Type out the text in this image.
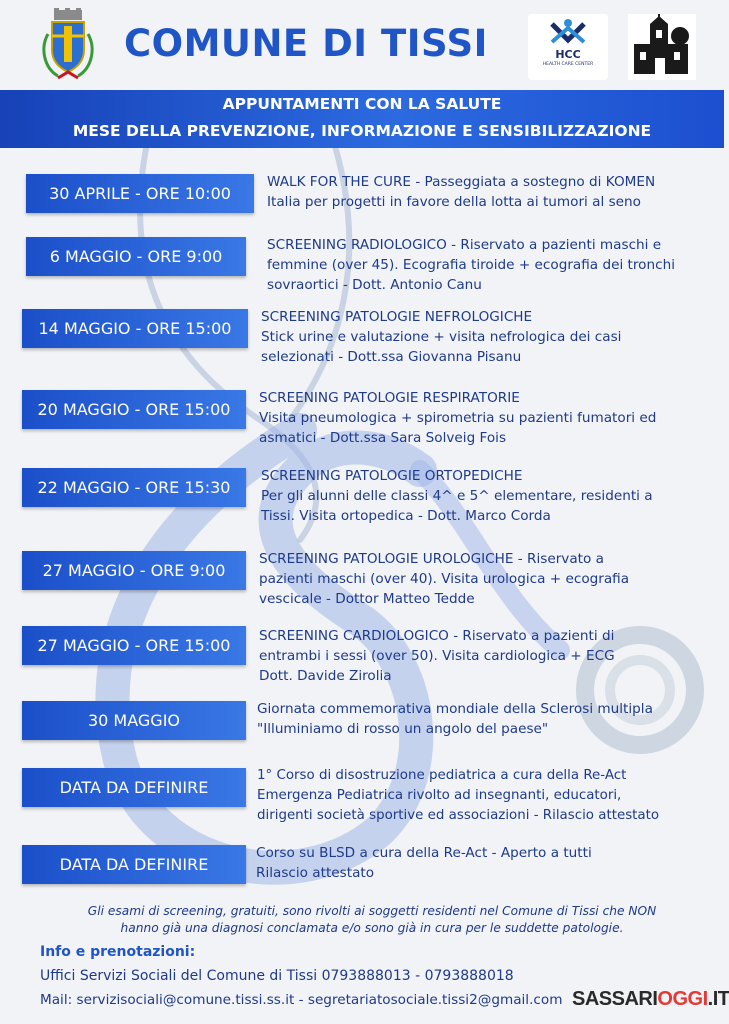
COMUNE DI TISSI	HCC
HEALTH CARE CENTER
APPUNTAMENTI CON LA SALUTE
MESE DELLA PREVENZIONE, INFORMAZIONE E SENSIBILIZZAZIONE
30 APRILE - ORE 10:00
WALK FOR THE CURE - Passeggiata a sostegno di KOMEN
Italia per progetti in favore della lotta ai tumori al seno
6 MAGGIO - ORE 9:00
SCREENING RADIOLOGICO - Riservato a pazienti maschi e
femmine (over 45). Ecografia tiroide + ecografia dei tronchi
sovraortici - Dott. Antonio Canu
14 MAGGIO - ORE 15:00
SCREENING PATOLOGIE NEFROLOGICHE
Stick urine e valutazione + visita nefrologica dei casi
selezionati - Dott.ssa Giovanna Pisanu
20 MAGGIO - ORE 15:00
SCREENING PATOLOGIE RESPIRATORIE
Visita pneumologica + spirometria su pazienti fumatori ed
asmatici - Dott.ssa Sara Solveig Fois
22 MAGGIO - ORE 15:30
SCREENING PATOLOGIE ORTOPEDICHE
Per gli alunni delle classi 4^ e 5^ elementare, residenti a
Tissi. Visita ortopedica - Dott. Marco Corda
27 MAGGIO - ORE 9:00
SCREENING PATOLOGIE UROLOGICHE - Riservato a
pazienti maschi (over 40). Visita urologica + ecografia
vescicale - Dottor Matteo Tedde
27 MAGGIO - ORE 15:00	SCREENING CARDIOLOGICO - Riservato a pazienti di
entrambi i sessi (over 50). Visita cardiologica + ECG
Dott. Davide Zirolia
30 MAGGIO
Giornata commemorativa mondiale della Sclerosi multipla
"Illuminiamo di rosso un angolo del paese"
DATA DA DEFINIRE
1° Corso di disostruzione pediatrica a cura della Re-Act
Emergenza Pediatrica rivolto ad insegnanti, educatori,
dirigenti società sportive ed associazioni - Rilascio attestato
DATA DA DEFINIRE
Corso su BLSD a cura della Re-Act - Aperto a tutti
Rilascio attestato
Gli esami di screening, gratuiti, sono rivolti ai soggetti residenti nel Comune di Tissi che NON
hanno già una diagnosi conclamata e/o sono già in cura per le suddette patologie.
Info e prenotazioni:
Uffici Servizi Sociali del Comune di Tissi 0793888013 - 0793888018
Mail: servizisociali@comune.tissi.ss.it - segretariatosociale.tissi2@gmail.com SASSARIOGGI.IT
